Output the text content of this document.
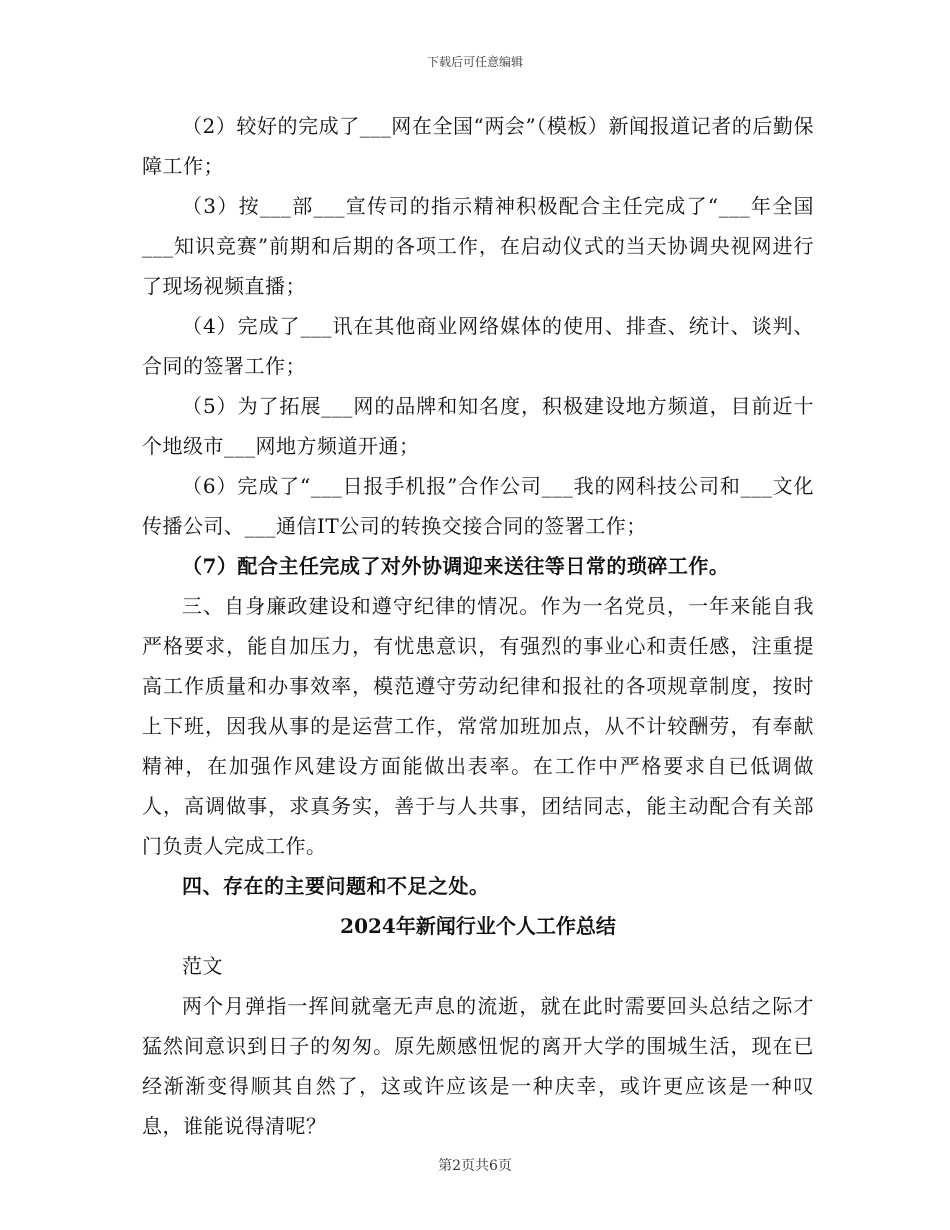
下载后可任意编辑

（2）较好的完成了___网在全国“两会”（模板）新闻报道记者的后勤保障工作；

（3）按___部___宣传司的指示精神积极配合主任完成了“___年全国___知识竞赛”前期和后期的各项工作，在启动仪式的当天协调央视网进行了现场视频直播；

（4）完成了___讯在其他商业网络媒体的使用、排查、统计、谈判、合同的签署工作；

（5）为了拓展___网的品牌和知名度，积极建设地方频道，目前近十个地级市___网地方频道开通；

（6）完成了“___日报手机报”合作公司___我的网科技公司和___文化传播公司、___通信IT公司的转换交接合同的签署工作；

（7）配合主任完成了对外协调迎来送往等日常的琐碎工作。

三、自身廉政建设和遵守纪律的情况。作为一名党员，一年来能自我严格要求，能自加压力，有忧患意识，有强烈的事业心和责任感，注重提高工作质量和办事效率，模范遵守劳动纪律和报社的各项规章制度，按时上下班，因我从事的是运营工作，常常加班加点，从不计较酬劳，有奉献精神，在加强作风建设方面能做出表率。在工作中严格要求自已低调做人，高调做事，求真务实，善于与人共事，团结同志，能主动配合有关部门负责人完成工作。

四、存在的主要问题和不足之处。

2024年新闻行业个人工作总结

范文

两个月弹指一挥间就毫无声息的流逝，就在此时需要回头总结之际才猛然间意识到日子的匆匆。原先颇感忸怩的离开大学的围城生活，现在已经渐渐变得顺其自然了，这或许应该是一种庆幸，或许更应该是一种叹息，谁能说得清呢？

第2页共6页
